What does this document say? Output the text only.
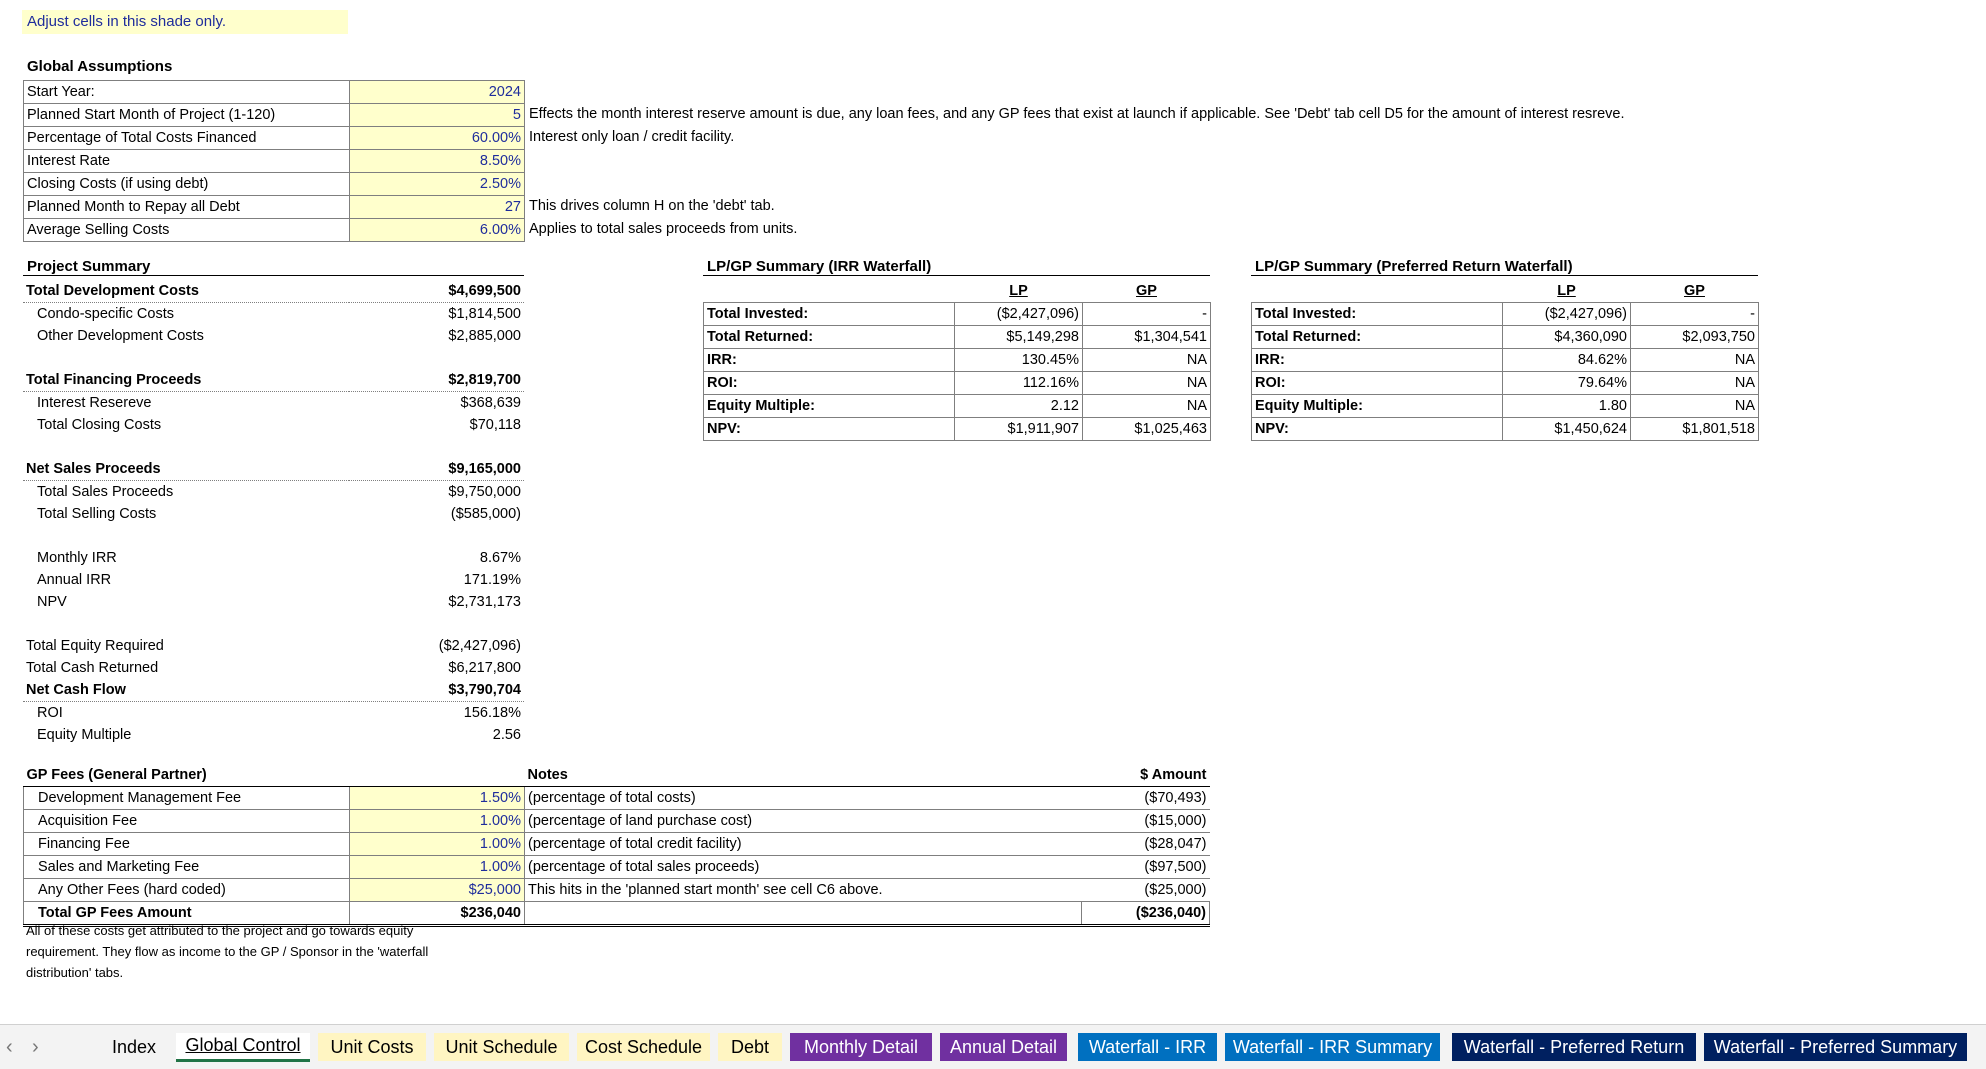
Adjust cells in this shade only.
Global Assumptions
Start Year:	2024	

Planned Start Month of Project (1-120)	5	Effects the month interest reserve amount is due, any loan fees, and any GP fees that exist at launch if applicable. See 'Debt' tab cell D5 for the amount of interest resreve.

Percentage of Total Costs Financed	60.00%	Interest only loan / credit facility.

Interest Rate	8.50%	

Closing Costs (if using debt)	2.50%	

Planned Month to Repay all Debt	27	This drives column H on the 'debt' tab.

Average Selling Costs	6.00%	Applies to total sales proceeds from units.
Project Summary
Total Development Costs	$4,699,500
Condo-specific Costs	$1,814,500
Other Development Costs	$2,885,000

Total Financing Proceeds	$2,819,700
Interest Resereve	$368,639
Total Closing Costs	$70,118

Net Sales Proceeds	$9,165,000
Total Sales Proceeds	$9,750,000
Total Selling Costs	($585,000)

Monthly IRR	8.67%
Annual IRR	171.19%
NPV	$2,731,173

Total Equity Required	($2,427,096)
Total Cash Returned	$6,217,800
Net Cash Flow	$3,790,704
ROI	156.18%
Equity Multiple	2.56
LP/GP Summary (IRR Waterfall)
	LP	GP
Total Invested:	($2,427,096)	-
Total Returned:	$5,149,298	$1,304,541
IRR:	130.45%	NA
ROI:	112.16%	NA
Equity Multiple:	2.12	NA
NPV:	$1,911,907	$1,025,463
LP/GP Summary (Preferred Return Waterfall)
	LP	GP
Total Invested:	($2,427,096)	-
Total Returned:	$4,360,090	$2,093,750
IRR:	84.62%	NA
ROI:	79.64%	NA
Equity Multiple:	1.80	NA
NPV:	$1,450,624	$1,801,518
GP Fees (General Partner)		Notes	$ Amount
Development Management Fee	1.50%	(percentage of total costs)	($70,493)
Acquisition Fee	1.00%	(percentage of land purchase cost)	($15,000)
Financing Fee	1.00%	(percentage of total credit facility)	($28,047)
Sales and Marketing Fee	1.00%	(percentage of total sales proceeds)	($97,500)
Any Other Fees (hard coded)	$25,000	This hits in the 'planned start month' see cell C6 above.	($25,000)
Total GP Fees Amount	$236,040		($236,040)
All of these costs get attributed to the project and go towards equity
requirement. They flow as income to the GP / Sponsor in the 'waterfall
distribution' tabs.
‹ ›	Index	Global Control	Unit Costs	Unit Schedule	Cost Schedule	Debt	Monthly Detail	Annual Detail	Waterfall - IRR	Waterfall - IRR Summary	Waterfall - Preferred Return	Waterfall - Preferred Summary
